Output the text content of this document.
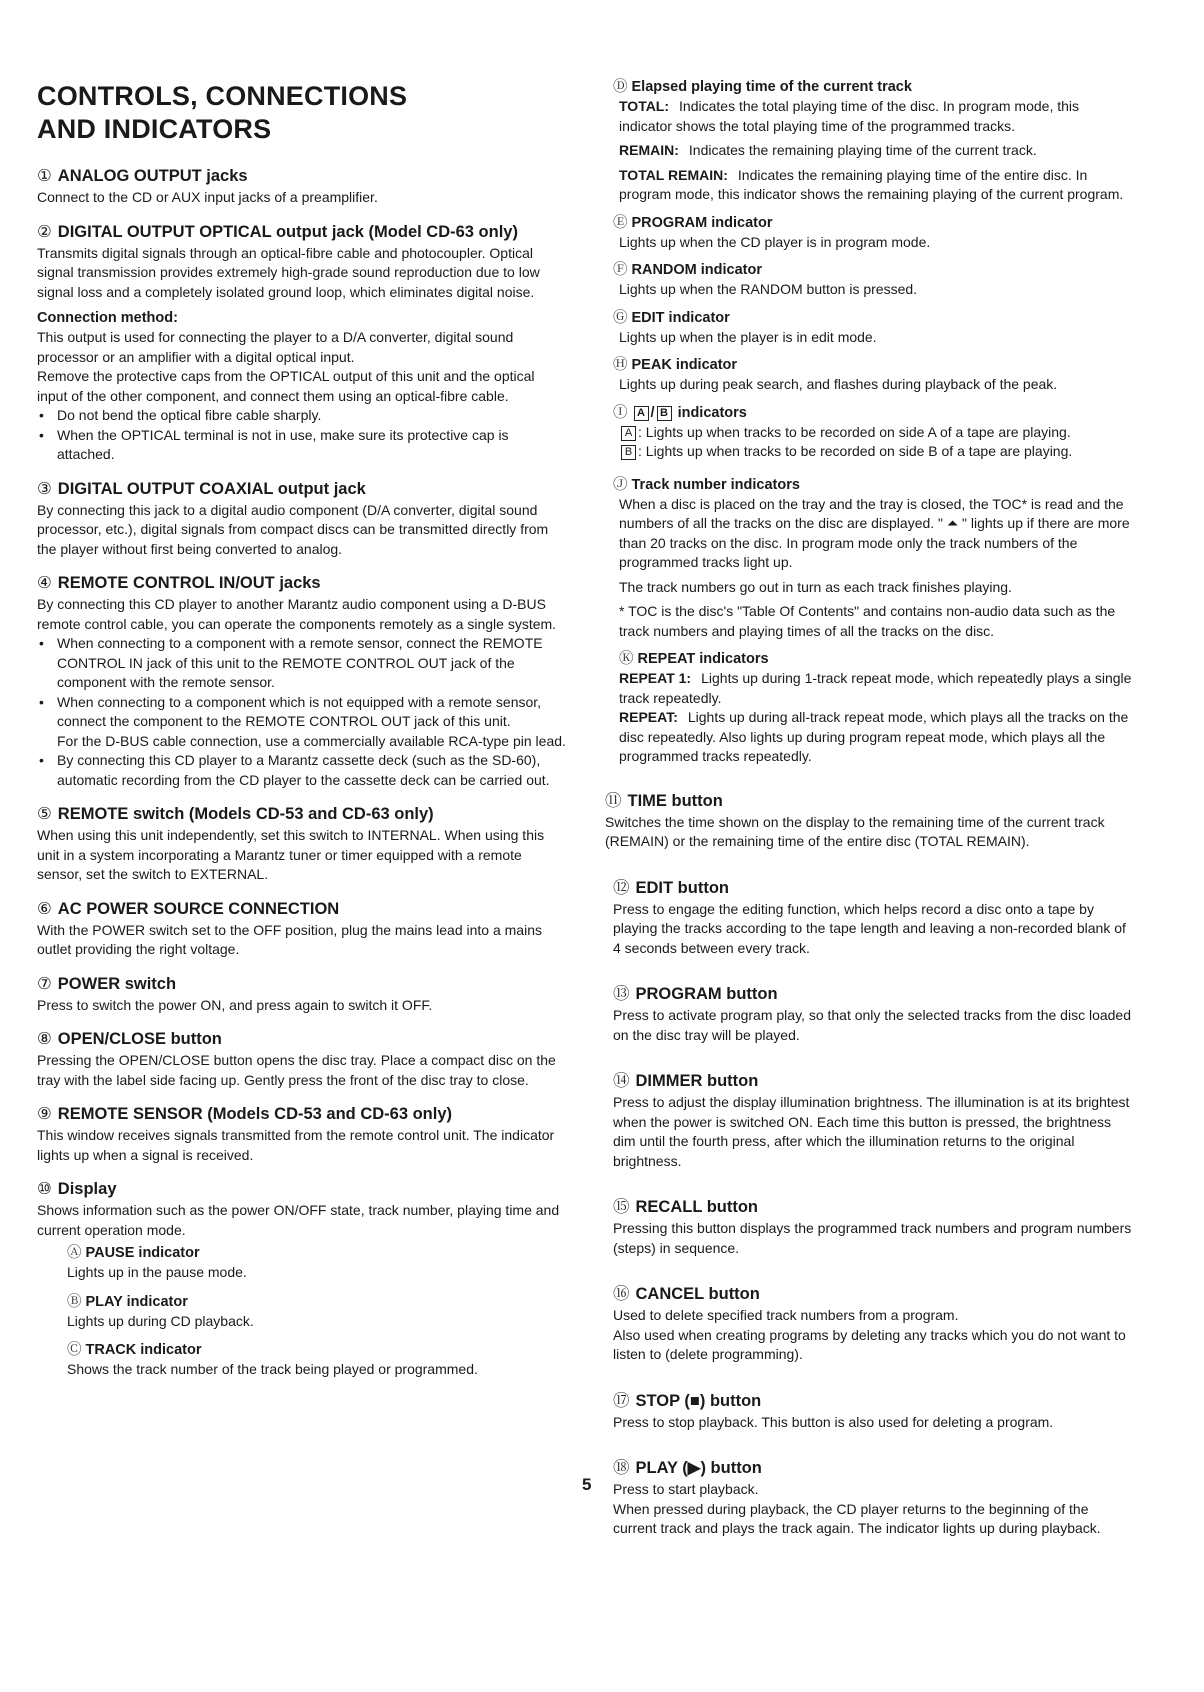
CONTROLS, CONNECTIONS
AND INDICATORS
① ANALOG OUTPUT jacks

Connect to the CD or AUX input jacks of a preamplifier.

② DIGITAL OUTPUT OPTICAL output jack (Model CD-63 only)

Transmits digital signals through an optical-fibre cable and photocoupler. Optical signal transmission provides extremely high-grade sound reproduction due to low signal loss and a completely isolated ground loop, which eliminates digital noise.

Connection method:

This output is used for connecting the player to a D/A converter, digital sound processor or an amplifier with a digital optical input.

Remove the protective caps from the OPTICAL output of this unit and the optical input of the other component, and connect them using an optical-fibre cable.

• Do not bend the optical fibre cable sharply.
• When the OPTICAL terminal is not in use, make sure its protective cap is attached.
③ DIGITAL OUTPUT COAXIAL output jack

By connecting this jack to a digital audio component (D/A converter, digital sound processor, etc.), digital signals from compact discs can be transmitted directly from the player without first being converted to analog.

④ REMOTE CONTROL IN/OUT jacks

By connecting this CD player to another Marantz audio component using a D-BUS remote control cable, you can operate the components remotely as a single system.

• When connecting to a component with a remote sensor, connect the REMOTE CONTROL IN jack of this unit to the REMOTE CONTROL OUT jack of the component with the remote sensor.
• When connecting to a component which is not equipped with a remote sensor, connect the component to the REMOTE CONTROL OUT jack of this unit.
For the D-BUS cable connection, use a commercially available RCA-type pin lead.
• By connecting this CD player to a Marantz cassette deck (such as the SD-60), automatic recording from the CD player to the cassette deck can be carried out.
⑤ REMOTE switch (Models CD-53 and CD-63 only)

When using this unit independently, set this switch to INTERNAL. When using this unit in a system incorporating a Marantz tuner or timer equipped with a remote sensor, set the switch to EXTERNAL.

⑥ AC POWER SOURCE CONNECTION

With the POWER switch set to the OFF position, plug the mains lead into a mains outlet providing the right voltage.

⑦ POWER switch

Press to switch the power ON, and press again to switch it OFF.

⑧ OPEN/CLOSE button

Pressing the OPEN/CLOSE button opens the disc tray. Place a compact disc on the tray with the label side facing up. Gently press the front of the disc tray to close.

⑨ REMOTE SENSOR (Models CD-53 and CD-63 only)

This window receives signals transmitted from the remote control unit. The indicator lights up when a signal is received.

⑩ Display

Shows information such as the power ON/OFF state, track number, playing time and current operation mode.

Ⓐ PAUSE indicator

Lights up in the pause mode.

Ⓑ PLAY indicator

Lights up during CD playback.

Ⓒ TRACK indicator

Shows the track number of the track being played or programmed.

Ⓓ Elapsed playing time of the current track

TOTAL: Indicates the total playing time of the disc. In program mode, this indicator shows the total playing time of the programmed tracks.

REMAIN: Indicates the remaining playing time of the current track.

TOTAL REMAIN: Indicates the remaining playing time of the entire disc. In program mode, this indicator shows the remaining playing of the current program.

Ⓔ PROGRAM indicator

Lights up when the CD player is in program mode.

Ⓕ RANDOM indicator

Lights up when the RANDOM button is pressed.

Ⓖ EDIT indicator

Lights up when the player is in edit mode.

Ⓗ PEAK indicator

Lights up during peak search, and flashes during playback of the peak.

Ⓘ A / B indicators

A : Lights up when tracks to be recorded on side A of a tape are playing.

B : Lights up when tracks to be recorded on side B of a tape are playing.

Ⓙ Track number indicators

When a disc is placed on the tray and the tray is closed, the TOC* is read and the numbers of all the tracks on the disc are displayed. " ⏶ " lights up if there are more than 20 tracks on the disc. In program mode only the track numbers of the programmed tracks light up.

The track numbers go out in turn as each track finishes playing.

* TOC is the disc's "Table Of Contents" and contains non-audio data such as the track numbers and playing times of all the tracks on the disc.

Ⓚ REPEAT indicators

REPEAT 1: Lights up during 1-track repeat mode, which repeatedly plays a single track repeatedly.

REPEAT: Lights up during all-track repeat mode, which plays all the tracks on the disc repeatedly. Also lights up during program repeat mode, which plays all the programmed tracks repeatedly.

⑪ TIME button

Switches the time shown on the display to the remaining time of the current track (REMAIN) or the remaining time of the entire disc (TOTAL REMAIN).

⑫ EDIT button

Press to engage the editing function, which helps record a disc onto a tape by playing the tracks according to the tape length and leaving a non-recorded blank of 4 seconds between every track.

⑬ PROGRAM button

Press to activate program play, so that only the selected tracks from the disc loaded on the disc tray will be played.

⑭ DIMMER button

Press to adjust the display illumination brightness. The illumination is at its brightest when the power is switched ON. Each time this button is pressed, the brightness dim until the fourth press, after which the illumination returns to the original brightness.

⑮ RECALL button

Pressing this button displays the programmed track numbers and program numbers (steps) in sequence.

⑯ CANCEL button

Used to delete specified track numbers from a program.

Also used when creating programs by deleting any tracks which you do not want to listen to (delete programming).

⑰ STOP (■) button

Press to stop playback. This button is also used for deleting a program.

⑱ PLAY (▶) button

Press to start playback.

When pressed during playback, the CD player returns to the beginning of the current track and plays the track again. The indicator lights up during playback.

5
